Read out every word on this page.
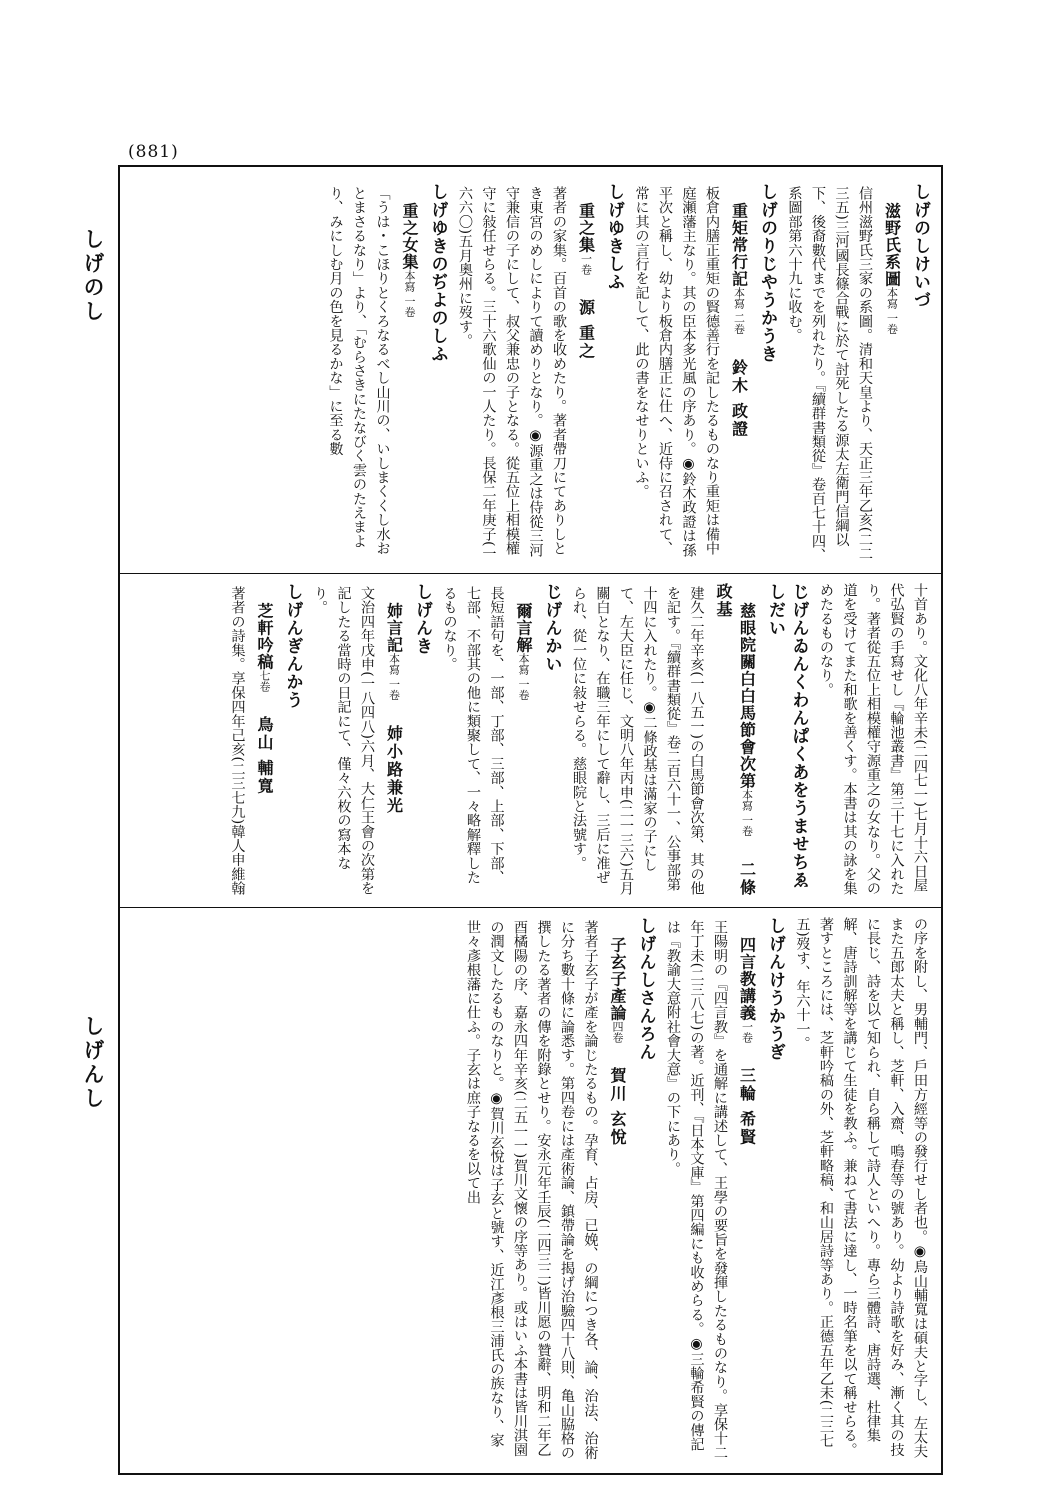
(881)
しげのし
しげんし
しげのしけいづ
滋野氏系圖本寫 一卷
信州滋野氏三家の系圖。清和天皇より、天正三年乙亥(二二三五)三河國長篠合戰に於て討死したる源太左衛門信綱以下、後裔數代までを列れたり。『續群書類從』卷百七十四、系圖部第六十九に收む。
しげのりじやうかうき
重矩常行記本寫 二卷鈴木 政證
板倉内膳正重矩の賢德善行を記したるものなり重矩は備中庭瀬藩主なり。其の臣本多光風の序あり。◉鈴木政證は孫平次と稱し、幼より板倉内膳正に仕へ、近侍に召されて、常に其の言行を記して、此の書をなせりといふ。
しげゆきしふ
重之集一卷源 重之
著者の家集。百首の歌を收めたり。著者帶刀にてありしとき東宮のめしによりて讀めりとなり。◉源重之は侍從三河守兼信の子にして、叔父兼忠の子となる。從五位上相模權守に敍任せらる。三十六歌仙の一人たり。長保二年庚子(一六六〇)五月奧州に歿す。
しげゆきのぢよのしふ
重之女集本寫 一卷
「うは・こほりとくろなるべし山川の、いしまくくし水おとまさるなり」より、「むらさきにたなびく雲のたえまより、みにしむ月の色を見るかな」に至る數
十首あり。文化八年辛未(二四七一)七月十六日屋代弘賢の手寫せし『輪池叢書』第三十七に入れたり。著者從五位上相模權守源重之の女なり。父の道を受けてまた和歌を善くす。本書は其の詠を集めたるものなり。
じげんゐんくわんぱくあをうませちゑしだい
慈眼院關白白馬節會次第本寫 一卷二條 政基
建久二年辛亥(一八五一)の白馬節會次第、其の他を記す。『續群書類從』卷二百六十一、公事部第十四に入れたり。◉二條政基は滿家の子にして、左大臣に任じ、文明八年丙申(二一三六)五月關白となり、在職三年にして辭し、三后に准ぜられ、從一位に敍せらる。慈眼院と法號す。
じげんかい
爾言解本寫 一卷
長短語句を、一部、丁部、三部、上部、下部、七部、不部其の他に類聚して、一々略解釋したるものなり。
しげんき
姉言記本寫 一卷姉小路兼光
文治四年戊申(一八四八)六月、大仁王會の次第を記したる當時の日記にて、僅々六枚の寫本なり。
しげんぎんかう
芝軒吟稿七卷鳥山 輔寬
著者の詩集。享保四年己亥(二三七九)韓人申維翰
の序を附し、男輔門、戶田方經等の發行せし者也。◉鳥山輔寬は碩夫と字し、左太夫また五郎太夫と稱し、芝軒、入齋、鳴春等の號あり。幼より詩歌を好み、漸く其の技に長じ、詩を以て知られ、自ら稱して詩人といへり。專ら三體詩、唐詩選、杜律集解、唐詩訓解等を講じて生徒を教ふ。兼ねて書法に達し、一時名筆を以て稱せらる。著すところには、芝軒吟稿の外、芝軒略稿、和山居詩等あり。正德五年乙未(二三七五)歿す、年六十一。
しげんけうかうぎ
四言教講義一卷三輪 希賢
王陽明の『四言教』を通解に講述して、王學の要旨を發揮したるものなり。享保十二年丁未(二三八七)の著。近刊、『日本文庫』第四編にも收めらる。◉三輪希賢の傳記は『教諭大意附社會大意』の下にあり。
しげんしさんろん
子玄子產論四卷賀川 玄悅
著者子玄子が產を論じたるもの。孕育、占房、已娩、の綱につき各、論、治法、治術に分ち數十條に論悉す。第四卷には產術論、鎮帶論を揭げ治驗四十八則、亀山脇格の撰したる著者の傳を附錄とせり。安永元年壬辰(二四三二)皆川愿の贊辭、明和二年乙酉橘陽の序、嘉永四年辛亥(二五一一)賀川文懷の序等あり。或はいふ本書は皆川淇園の潤文したるものなりと。◉賀川玄悅は子玄と號す、近江彥根三浦氏の族なり、家世々彥根藩に仕ふ。子玄は庶子なるを以て出
